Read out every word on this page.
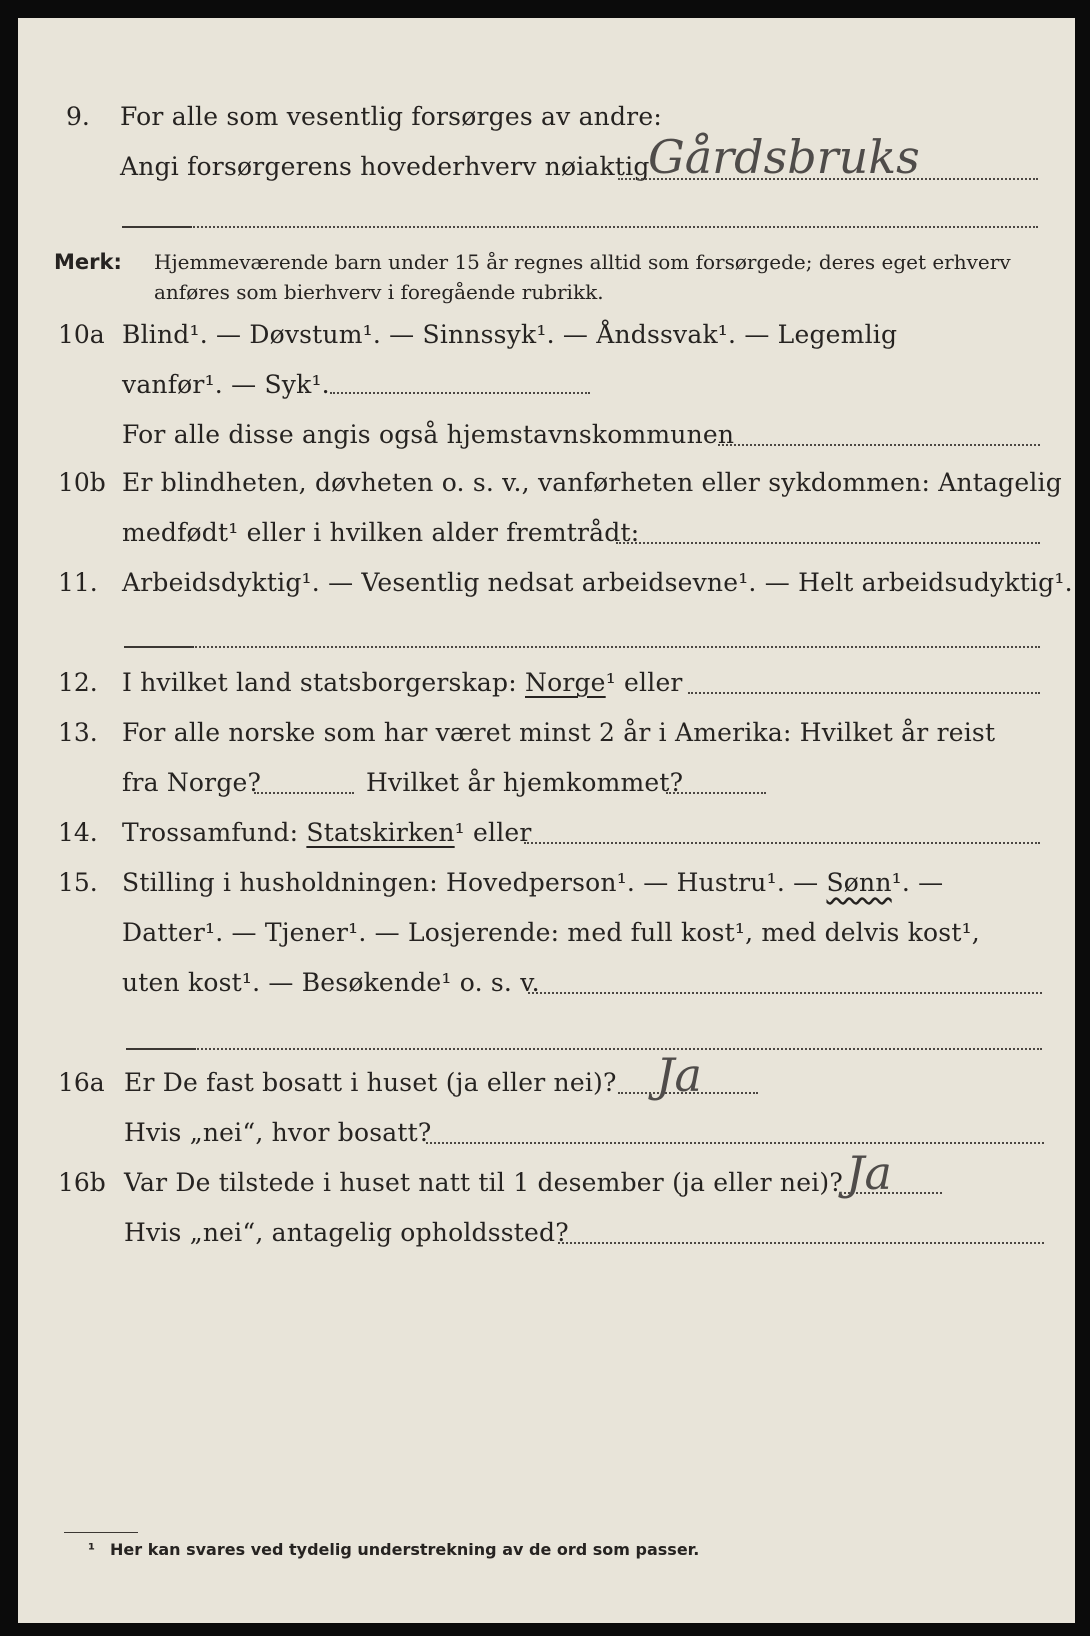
9. For alle som vesentlig forsørges av andre:
Angi forsørgerens hovederhverv nøiaktig
Gårdsbruks
Merk: Hjemmeværende barn under 15 år regnes alltid som forsørgede; deres eget erhverv
anføres som bierhverv i foregående rubrikk.
10a Blind¹. — Døvstum¹. — Sinnssyk¹. — Åndssvak¹. — Legemlig
vanfør¹. — Syk¹.
For alle disse angis også hjemstavnskommunen
10b Er blindheten, døvheten o. s. v., vanførheten eller sykdommen: Antagelig
medfødt¹ eller i hvilken alder fremtrådt:
11. Arbeidsdyktig¹. — Vesentlig nedsat arbeidsevne¹. — Helt arbeidsudyktig¹.
12. I hvilket land statsborgerskap: Norge¹ eller
13. For alle norske som har været minst 2 år i Amerika: Hvilket år reist
fra Norge?	Hvilket år hjemkommet?
14. Trossamfund: Statskirken¹ eller
15. Stilling i husholdningen: Hovedperson¹. — Hustru¹. — Sønn¹. —
Datter¹. — Tjener¹. — Losjerende: med full kost¹, med delvis kost¹,
uten kost¹. — Besøkende¹ o. s. v.
16a Er De fast bosatt i huset (ja eller nei)? Ja
Hvis „nei“, hvor bosatt?
16b Var De tilstede i huset natt til 1 desember (ja eller nei)? Ja
Hvis „nei“, antagelig opholdssted?
¹ Her kan svares ved tydelig understrekning av de ord som passer.
